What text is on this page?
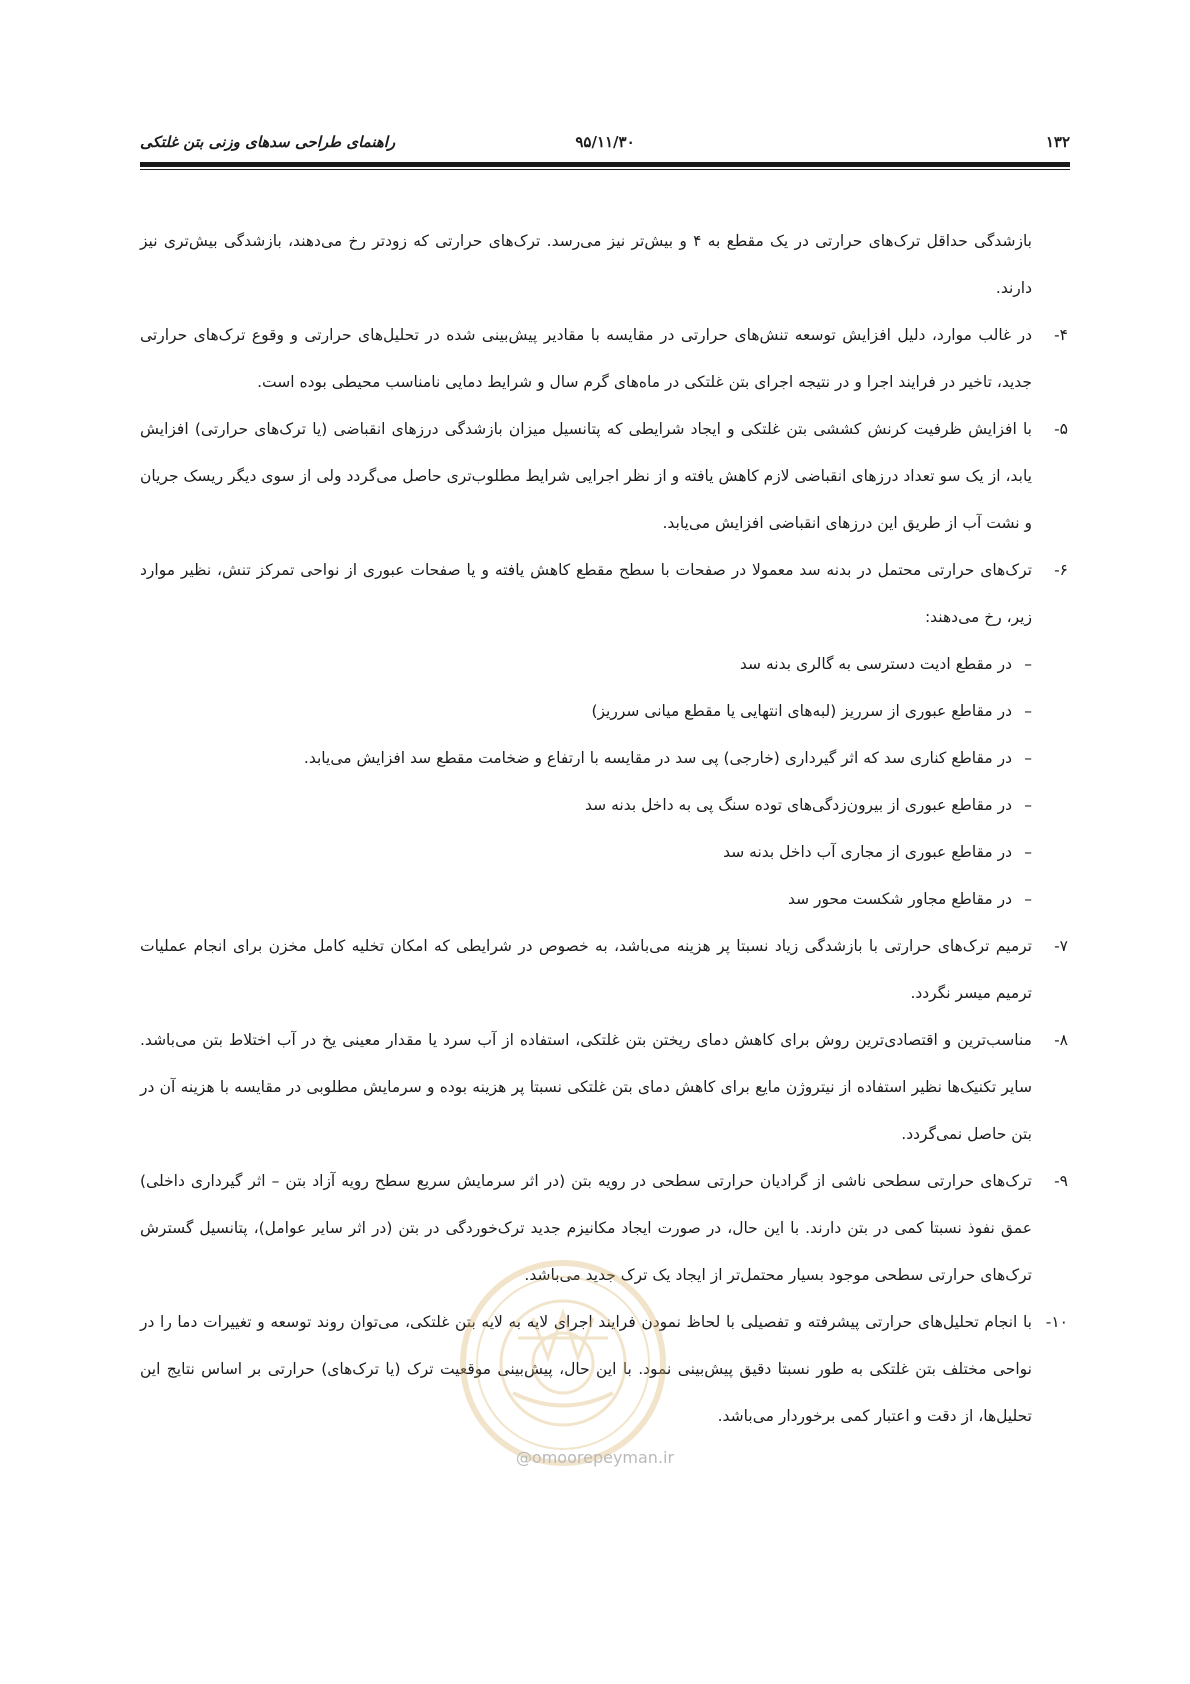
۱۳۲
۹۵/۱۱/۳۰
راهنمای طراحی سدهای وزنی بتن غلتکی

بازشدگی حداقل ترک‌های حرارتی در یک مقطع به ۴ و بیش‌تر نیز می‌رسد. ترک‌های حرارتی که زودتر رخ می‌دهند، بازشدگی بیش‌تری نیز دارند.

۴-
در غالب موارد، دلیل افزایش توسعه تنش‌های حرارتی در مقایسه با مقادیر پیش‌بینی شده در تحلیل‌های حرارتی و وقوع ترک‌های حرارتی جدید، تاخیر در فرایند اجرا و در نتیجه اجرای بتن غلتکی در ماه‌های گرم سال و شرایط دمایی نامناسب محیطی بوده است.
۵-
با افزایش ظرفیت کرنش کششی بتن غلتکی و ایجاد شرایطی که پتانسیل میزان بازشدگی درزهای انقباضی (یا ترک‌های حرارتی) افزایش یابد، از یک سو تعداد درزهای انقباضی لازم کاهش یافته و از نظر اجرایی شرایط مطلوب‌تری حاصل می‌گردد ولی از سوی دیگر ریسک جریان و نشت آب از طریق این درزهای انقباضی افزایش می‌یابد.
۶-
ترک‌های حرارتی محتمل در بدنه سد معمولا در صفحات با سطح مقطع کاهش یافته و یا صفحات عبوری از نواحی تمرکز تنش، نظیر موارد زیر، رخ می‌دهند:
–
در مقطع ادیت دسترسی به گالری بدنه سد
–
در مقاطع عبوری از سرریز (لبه‌های انتهایی یا مقطع میانی سرریز)
–
در مقاطع کناری سد که اثر گیرداری (خارجی) پی سد در مقایسه با ارتفاع و ضخامت مقطع سد افزایش می‌یابد.
–
در مقاطع عبوری از بیرون‌زدگی‌های توده سنگ پی به داخل بدنه سد
–
در مقاطع عبوری از مجاری آب داخل بدنه سد
–
در مقاطع مجاور شکست محور سد
۷-
ترمیم ترک‌های حرارتی با بازشدگی زیاد نسبتا پر هزینه می‌باشد، به خصوص در شرایطی که امکان تخلیه کامل مخزن برای انجام عملیات ترمیم میسر نگردد.
۸-
مناسب‌ترین و اقتصادی‌ترین روش برای کاهش دمای ریختن بتن غلتکی، استفاده از آب سرد یا مقدار معینی یخ در آب اختلاط بتن می‌باشد. سایر تکنیک‌ها نظیر استفاده از نیتروژن مایع برای کاهش دمای بتن غلتکی نسبتا پر هزینه بوده و سرمایش مطلوبی در مقایسه با هزینه آن در بتن حاصل نمی‌گردد.
۹-
ترک‌های حرارتی سطحی ناشی از گرادیان حرارتی سطحی در رویه بتن (در اثر سرمایش سریع سطح رویه آزاد بتن – اثر گیرداری داخلی) عمق نفوذ نسبتا کمی در بتن دارند. با این حال، در صورت ایجاد مکانیزم جدید ترک‌خوردگی در بتن (در اثر سایر عوامل)، پتانسیل گسترش ترک‌های حرارتی سطحی موجود بسیار محتمل‌تر از ایجاد یک ترک جدید می‌باشد.
۱۰-
با انجام تحلیل‌های حرارتی پیشرفته و تفصیلی با لحاظ نمودن فرایند اجرای لایه به لایه بتن غلتکی، می‌توان روند توسعه و تغییرات دما را در نواحی مختلف بتن غلتکی به طور نسبتا دقیق پیش‌بینی نمود. با این حال، پیش‌بینی موقعیت ترک (یا ترک‌های) حرارتی بر اساس نتایج این تحلیل‌ها، از دقت و اعتبار کمی برخوردار می‌باشد.
@omoorepeyman.ir
